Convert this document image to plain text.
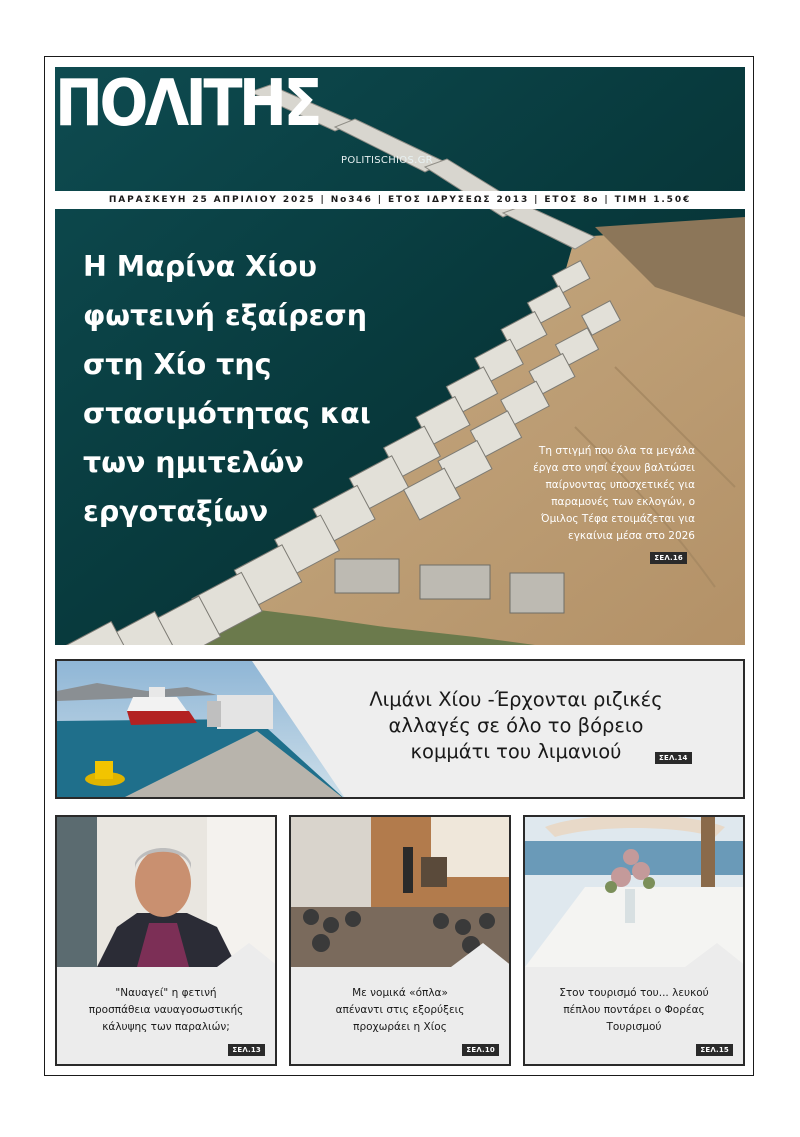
ΠΟΛΙΤΗΣ
POLITISCHIOS.GR
ΠΑΡΑΣΚΕΥΗ 25 ΑΠΡΙΛΙΟΥ 2025 | Νο346 | ΕΤΟΣ ΙΔΡΥΣΕΩΣ 2013 | ΕΤΟΣ 8ο | ΤΙΜΗ 1.50€
Η Μαρίνα Χίου
φωτεινή εξαίρεση
στη Χίο της
στασιμότητας και
των ημιτελών
εργοταξίων
Τη στιγμή που όλα τα μεγάλα
έργα στο νησί έχουν βαλτώσει
παίρνοντας υποσχετικές για
παραμονές των εκλογών, ο
Όμιλος Τέφα ετοιμάζεται για
εγκαίνια μέσα στο 2026
ΣΕΛ.16
Λιμάνι Χίου -Έρχονται ριζικές
αλλαγές σε όλο το βόρειο
κομμάτι του λιμανιού	ΣΕΛ.14
"Ναυαγεί" η φετινή
προσπάθεια ναυαγοσωστικής
κάλυψης των παραλιών;
ΣΕΛ.13
Με νομικά «όπλα»
απέναντι στις εξορύξεις
προχωράει η Χίος
ΣΕΛ.10
Στον τουρισμό του... λευκού
πέπλου ποντάρει ο Φορέας
Τουρισμού
ΣΕΛ.15
